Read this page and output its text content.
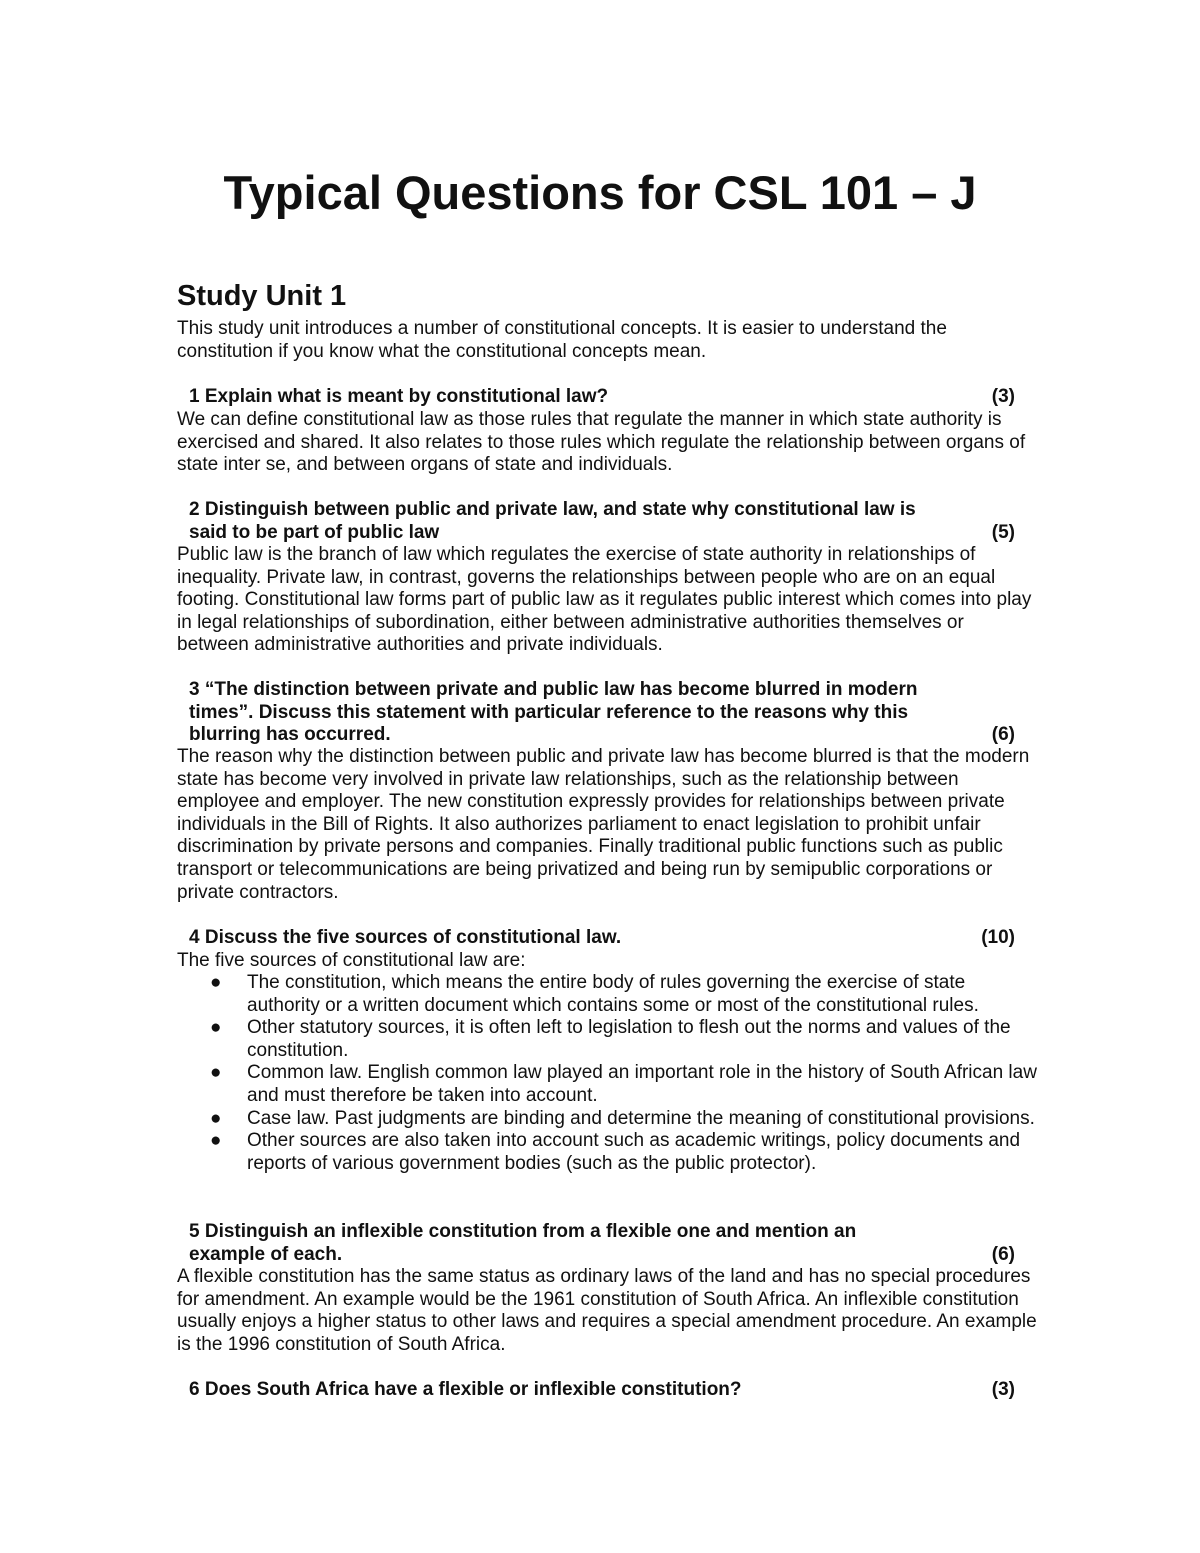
Typical Questions for CSL 101 – J
Study Unit 1

This study unit introduces a number of constitutional concepts. It is easier to understand the constitution if you know what the constitutional concepts mean.

(3)
1 Explain what is meant by constitutional law?

We can define constitutional law as those rules that regulate the manner in which state authority is exercised and shared. It also relates to those rules which regulate the relationship between organs of state inter se, and between organs of state and individuals.

2 Distinguish between public and private law, and state why constitutional law is
(5)
said to be part of public law

Public law is the branch of law which regulates the exercise of state authority in relationships of inequality. Private law, in contrast, governs the relationships between people who are on an equal footing. Constitutional law forms part of public law as it regulates public interest which comes into play in legal relationships of subordination, either between administrative authorities themselves or between administrative authorities and private individuals.

3 “The distinction between private and public law has become blurred in modern
times”. Discuss this statement with particular reference to the reasons why this
(6)
blurring has occurred.

The reason why the distinction between public and private law has become blurred is that the modern state has become very involved in private law relationships, such as the relationship between employee and employer. The new constitution expressly provides for relationships between private individuals in the Bill of Rights. It also authorizes parliament to enact legislation to prohibit unfair discrimination by private persons and companies. Finally traditional public functions such as public transport or telecommunications are being privatized and being run by semipublic corporations or private contractors.

(10)
4 Discuss the five sources of constitutional law.

The five sources of constitutional law are:

● The constitution, which means the entire body of rules governing the exercise of state authority or a written document which contains some or most of the constitutional rules.
● Other statutory sources, it is often left to legislation to flesh out the norms and values of the constitution.
● Common law. English common law played an important role in the history of South African law and must therefore be taken into account.
● Case law. Past judgments are binding and determine the meaning of constitutional provisions.
● Other sources are also taken into account such as academic writings, policy documents and reports of various government bodies (such as the public protector).
5 Distinguish an inflexible constitution from a flexible one and mention an
(6)
example of each.

A flexible constitution has the same status as ordinary laws of the land and has no special procedures for amendment. An example would be the 1961 constitution of South Africa. An inflexible constitution usually enjoys a higher status to other laws and requires a special amendment procedure. An example is the 1996 constitution of South Africa.

(3)
6 Does South Africa have a flexible or inflexible constitution?
